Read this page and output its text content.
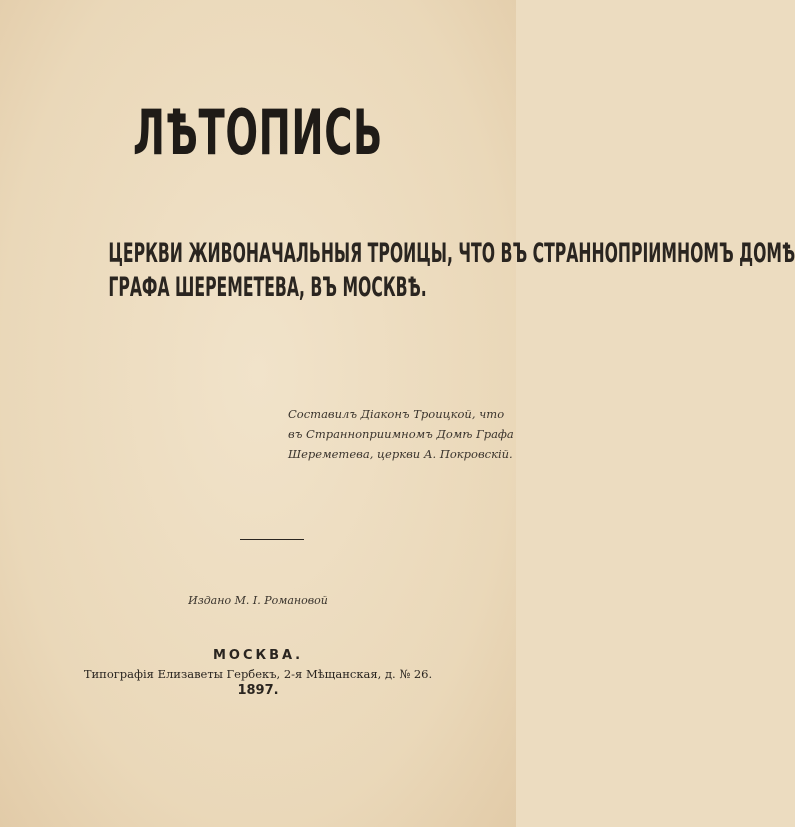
ЛѢТОПИСЬ
ЦЕРКВИ ЖИВОНАЧАЛЬНЫЯ ТРОИЦЫ, ЧТО ВЪ СТРАННОПРІИМНОМЪ ДОМѢ
ГРАФА ШЕРЕМЕТЕВА, ВЪ МОСКВѢ.
Составилъ Діаконъ Троицкой, что
въ Странноприимномъ Домѣ Графа
Шереметева, церкви А. Покровскій.
Издано М. І. Романовой
МОСКВА.
Типографія Елизаветы Гербекъ, 2-я Мѣщанская, д. № 26.
1897.
